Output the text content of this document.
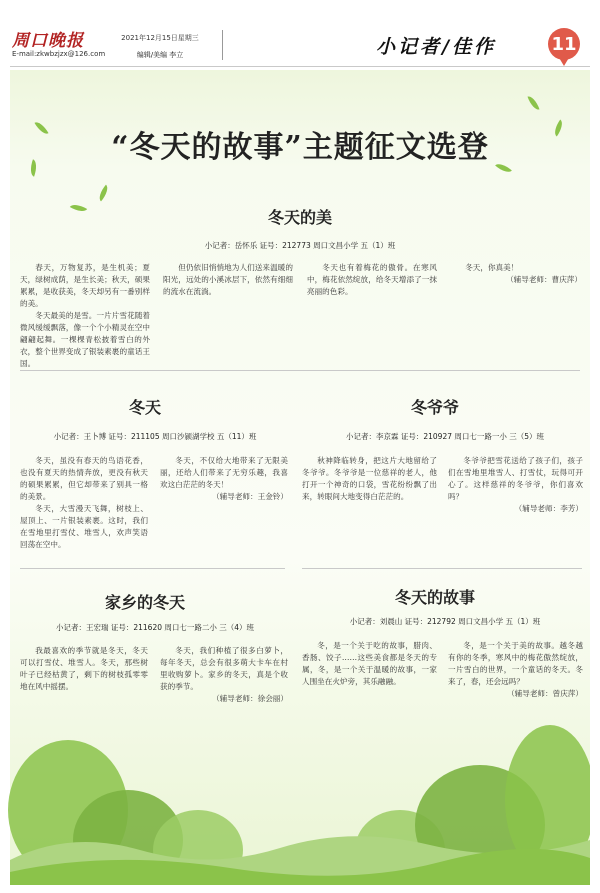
周口晚报
E-mail:zkwbzjzx@126.com
2021年12月15日星期三
编辑/美编 李立	小记者/佳作	11
“冬天的故事”主题征文选登
冬天的美
小记者：岳怀乐 证号：212773 周口文昌小学 五（1）班

春天，万物复苏，是生机美；夏天，绿树成荫，是生长美；秋天，硕果累累，是收获美，冬天却另有一番别样的美。

冬天最美的是雪。一片片雪花随着微风缓缓飘落，像一个个小精灵在空中翩翩起舞。一棵棵青松披着雪白的外衣，整个世界变成了银装素裹的童话王国。

但仍依旧悄悄地为人们送来温暖的阳光，远处的小溪冰层下，依然有细细的流水在流淌。

冬天也有着梅花的傲骨。在寒风中，梅花依然绽放，给冬天增添了一抹亮丽的色彩。

冬天，你真美！

（辅导老师：曹庆萍）
冬天
小记者：王卜博 证号：211105 周口沙颍湖学校 五（11）班

冬天，虽没有春天的鸟语花香，也没有夏天的热情奔放，更没有秋天的硕果累累，但它却带来了别具一格的美景。

冬天，大雪漫天飞舞，树枝上、屋顶上、一片银装素裹。这时，我们在雪地里打雪仗、堆雪人，欢声笑语回荡在空中。

冬天，不仅给大地带来了无限美丽，还给人们带来了无穷乐趣，我喜欢这白茫茫的冬天！

（辅导老师：王金铃）
冬爷爷
小记者：李京霖 证号：210927 周口七一路一小 三（5）班

秋神降临转身，把这片大地留给了冬爷爷。冬爷爷是一位慈祥的老人，他打开一个神奇的口袋，雪花纷纷飘了出来，转眼间大地变得白茫茫的。

冬爷爷把雪花送给了孩子们，孩子们在雪地里堆雪人、打雪仗，玩得可开心了。这样慈祥的冬爷爷，你们喜欢吗？

（辅导老师：李芳）
家乡的冬天
小记者：王宏瑞 证号：211620 周口七一路二小 三（4）班

我最喜欢的季节就是冬天，冬天可以打雪仗、堆雪人。冬天，那些树叶子已经枯黄了，剩下的树枝孤零零地在风中摇摆。

冬天，我们种植了很多白萝卜，每年冬天，总会有很多萌大卡车在村里收购萝卜。家乡的冬天，真是个收获的季节。

（辅导老师：徐会丽）
冬天的故事
小记者：刘晨山 证号：212792 周口文昌小学 五（1）班

冬，是一个关于吃的故事，腊肉、香肠、饺子……这些美食都是冬天的专属，冬，是一个关于温暖的故事，一家人围坐在火炉旁，其乐融融。

冬，是一个关于美的故事。越冬越有你的冬季，寒风中的梅花傲然绽放，一片雪白的世界，一个童话的冬天。冬来了，春，还会远吗？

（辅导老师：曾庆萍）
